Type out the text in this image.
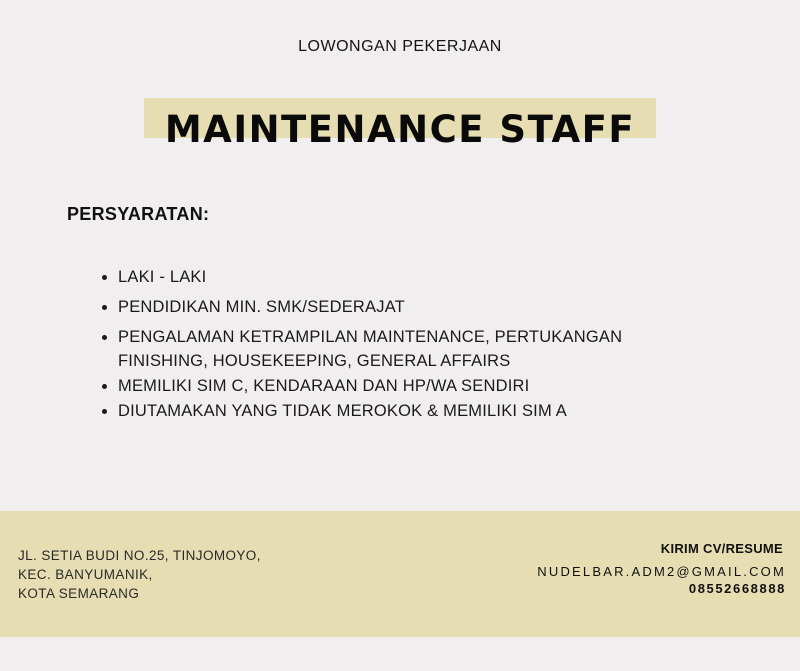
LOWONGAN PEKERJAAN
MAINTENANCE STAFF
PERSYARATAN:
LAKI - LAKI
PENDIDIKAN MIN. SMK/SEDERAJAT
PENGALAMAN KETRAMPILAN MAINTENANCE, PERTUKANGAN FINISHING, HOUSEKEEPING, GENERAL AFFAIRS
MEMILIKI SIM C, KENDARAAN DAN HP/WA SENDIRI
DIUTAMAKAN YANG TIDAK MEROKOK & MEMILIKI SIM A
JL. SETIA BUDI NO.25, TINJOMOYO,
KEC. BANYUMANIK,
KOTA SEMARANG
KIRIM CV/RESUME
NUDELBAR.ADM2@GMAIL.COM
08552668888
